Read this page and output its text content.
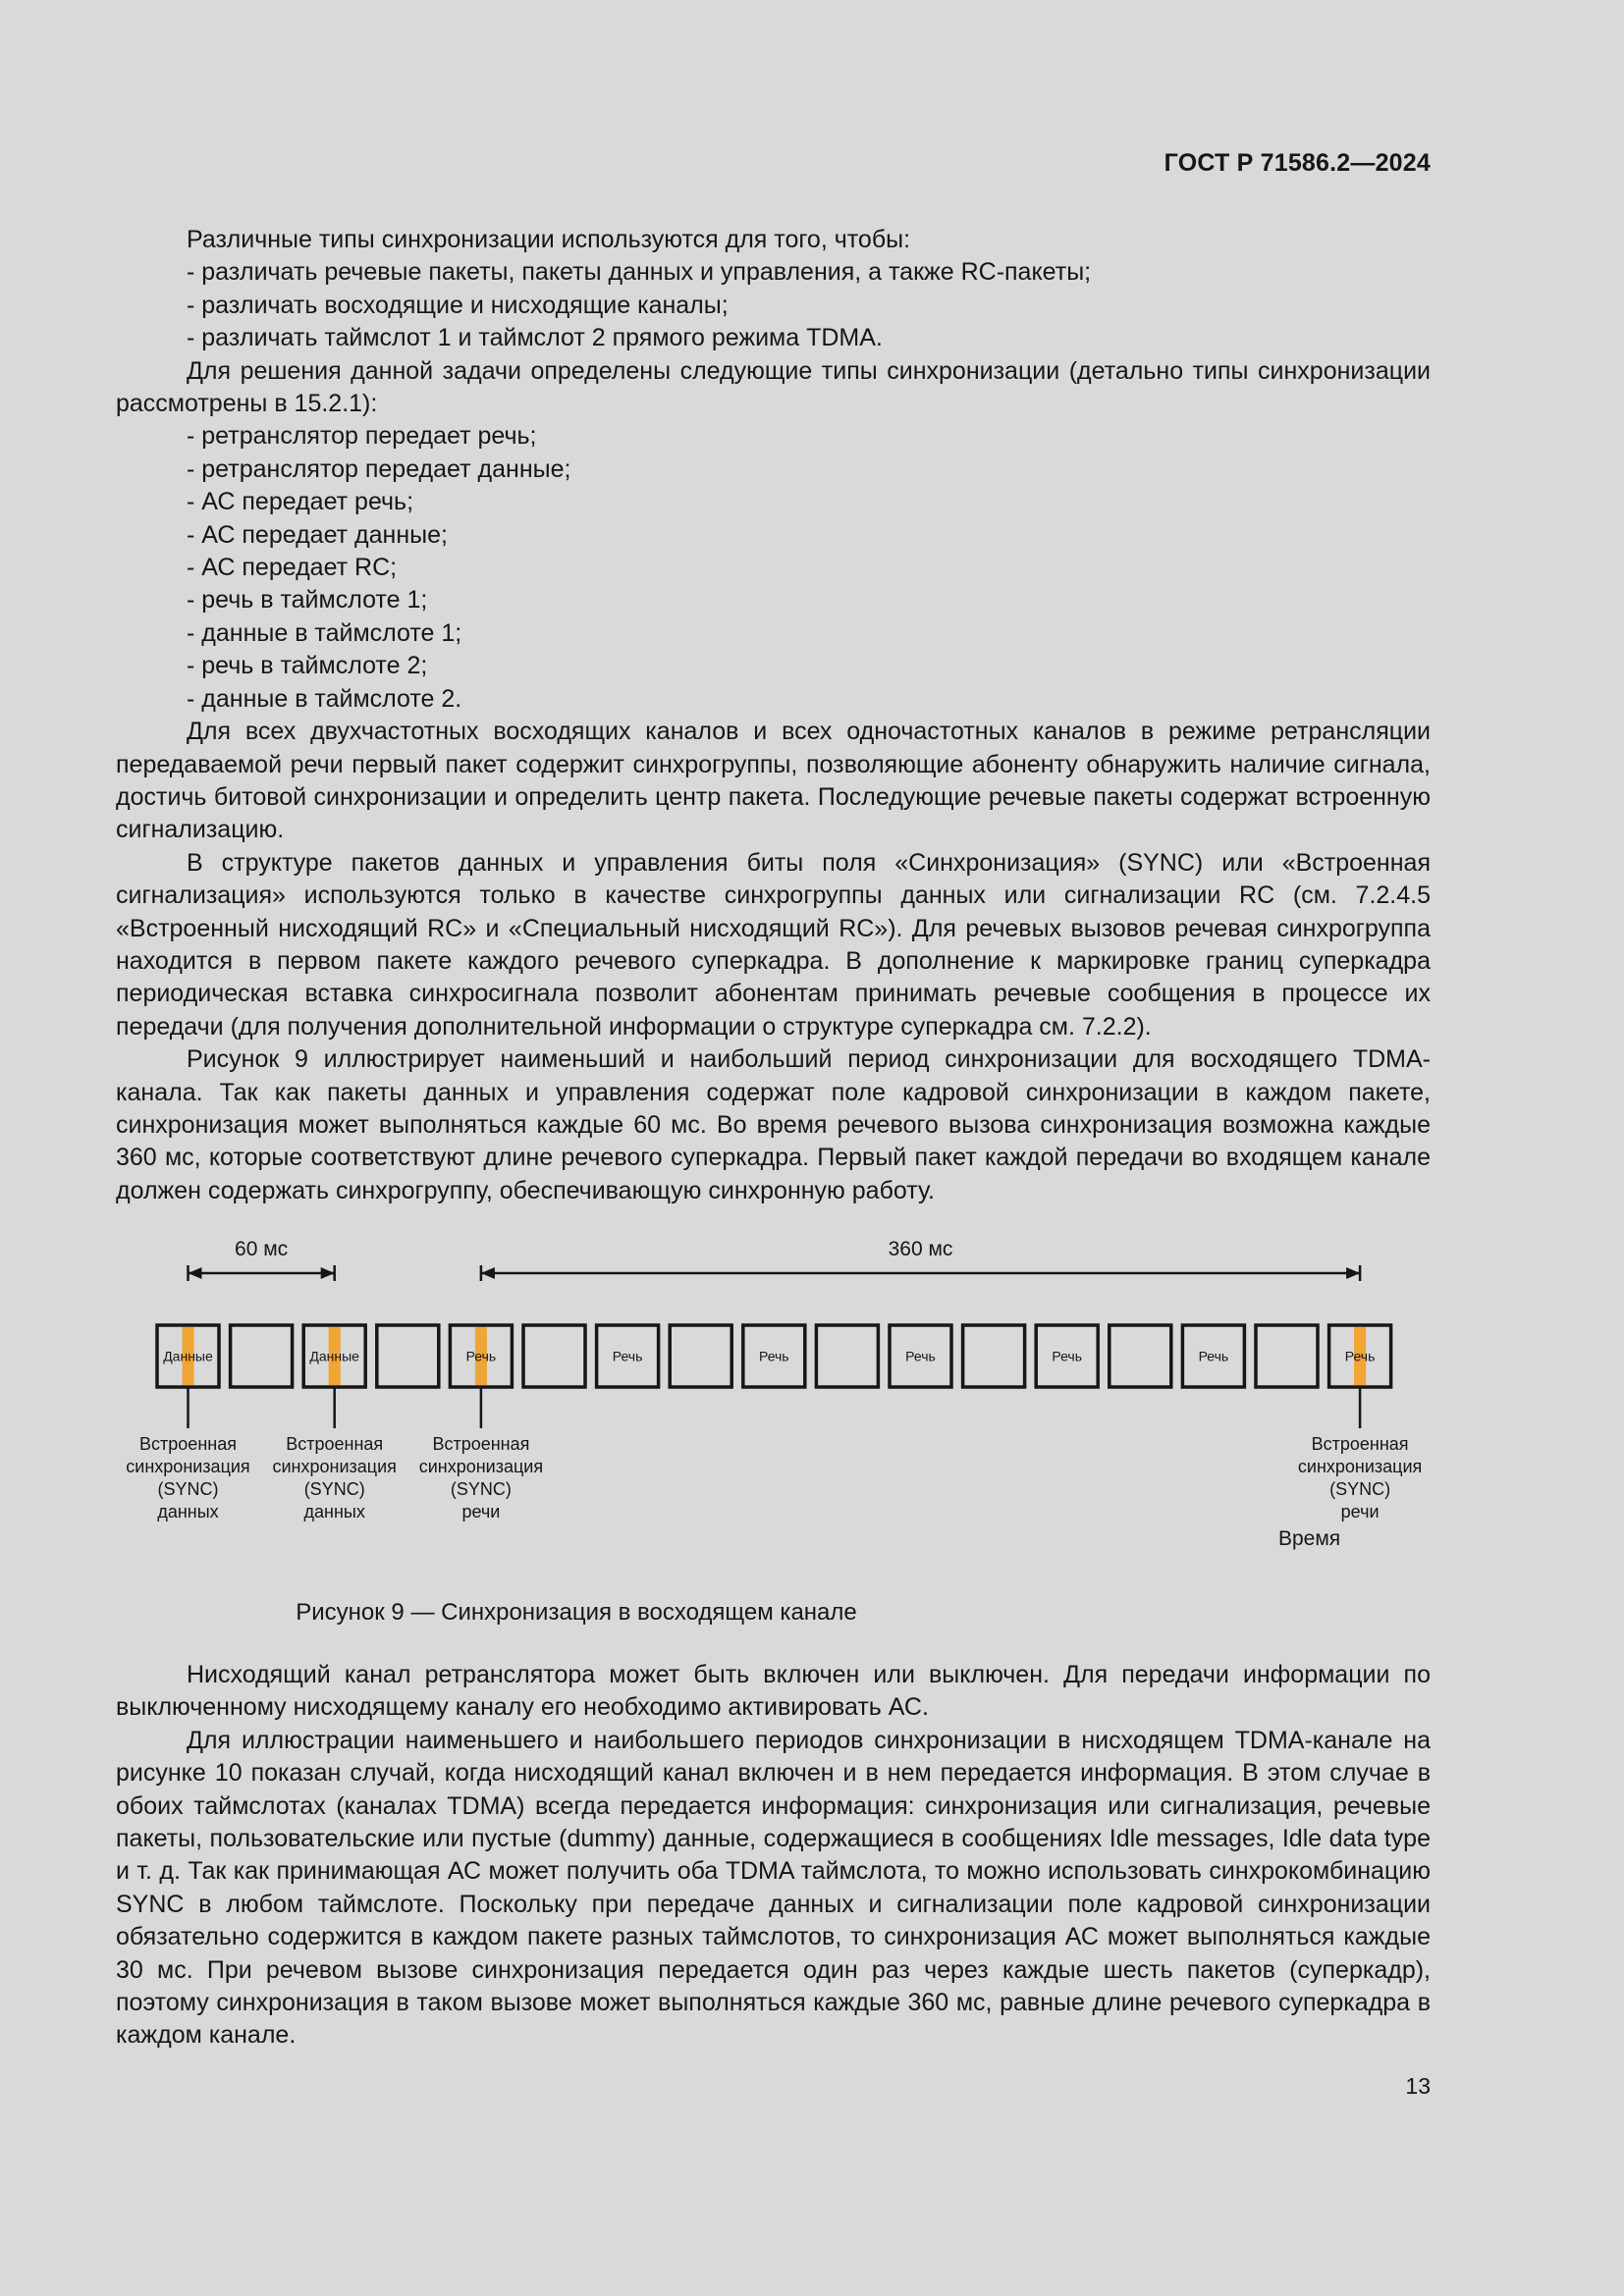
ГОСТ Р 71586.2—2024

Различные типы синхронизации используются для того, чтобы:

- различать речевые пакеты, пакеты данных и управления, а также RC-пакеты;

- различать восходящие и нисходящие каналы;

- различать таймслот 1 и таймслот 2 прямого режима TDMA.

Для решения данной задачи определены следующие типы синхронизации (детально типы синхронизации рассмотрены в 15.2.1):

- ретранслятор передает речь;

- ретранслятор передает данные;

- АС передает речь;

- АС передает данные;

- АС передает RC;

- речь в таймслоте 1;

- данные в таймслоте 1;

- речь в таймслоте 2;

- данные в таймслоте 2.

Для всех двухчастотных восходящих каналов и всех одночастотных каналов в режиме ретрансляции передаваемой речи первый пакет содержит синхрогруппы, позволяющие абоненту обнаружить наличие сигнала, достичь битовой синхронизации и определить центр пакета. Последующие речевые пакеты содержат встроенную сигнализацию.

В структуре пакетов данных и управления биты поля «Синхронизация» (SYNC) или «Встроенная сигнализация» используются только в качестве синхрогруппы данных или сигнализации RC (см. 7.2.4.5 «Встроенный нисходящий RC» и «Специальный нисходящий RC»). Для речевых вызовов речевая синхрогруппа находится в первом пакете каждого речевого суперкадра. В дополнение к маркировке границ суперкадра периодическая вставка синхросигнала позволит абонентам принимать речевые сообщения в процессе их передачи (для получения дополнительной информации о структуре суперкадра см. 7.2.2).

Рисунок 9 иллюстрирует наименьший и наибольший период синхронизации для восходящего TDMA-канала. Так как пакеты данных и управления содержат поле кадровой синхронизации в каждом пакете, синхронизация может выполняться каждые 60 мс. Во время речевого вызова синхронизация возможна каждые 360 мс, которые соответствуют длине речевого суперкадра. Первый пакет каждой передачи во входящем канале должен содержать синхрогруппу, обеспечивающую синхронную работу.

60 мс	360 мс
Данные	Данные	Речь	Речь	Речь	Речь	Речь	Речь	Речь
Встроенная
синхронизация
(SYNC)
данных
Встроенная
синхронизация
(SYNC)
данных
Встроенная
синхронизация
(SYNC)
речи
Встроенная
синхронизация
(SYNC)
речи
Время
Рисунок 9 — Синхронизация в восходящем канале

Нисходящий канал ретранслятора может быть включен или выключен. Для передачи информации по выключенному нисходящему каналу его необходимо активировать АС.

Для иллюстрации наименьшего и наибольшего периодов синхронизации в нисходящем TDMA-канале на рисунке 10 показан случай, когда нисходящий канал включен и в нем передается информация. В этом случае в обоих таймслотах (каналах TDMA) всегда передается информация: синхронизация или сигнализация, речевые пакеты, пользовательские или пустые (dummy) данные, содержащиеся в сообщениях Idle messages, Idle data type и т. д. Так как принимающая АС может получить оба TDMA таймслота, то можно использовать синхрокомбинацию SYNC в любом таймслоте. Поскольку при передаче данных и сигнализации поле кадровой синхронизации обязательно содержится в каждом пакете разных таймслотов, то синхронизация АС может выполняться каждые 30 мс. При речевом вызове синхронизация передается один раз через каждые шесть пакетов (суперкадр), поэтому синхронизация в таком вызове может выполняться каждые 360 мс, равные длине речевого суперкадра в каждом канале.

13
